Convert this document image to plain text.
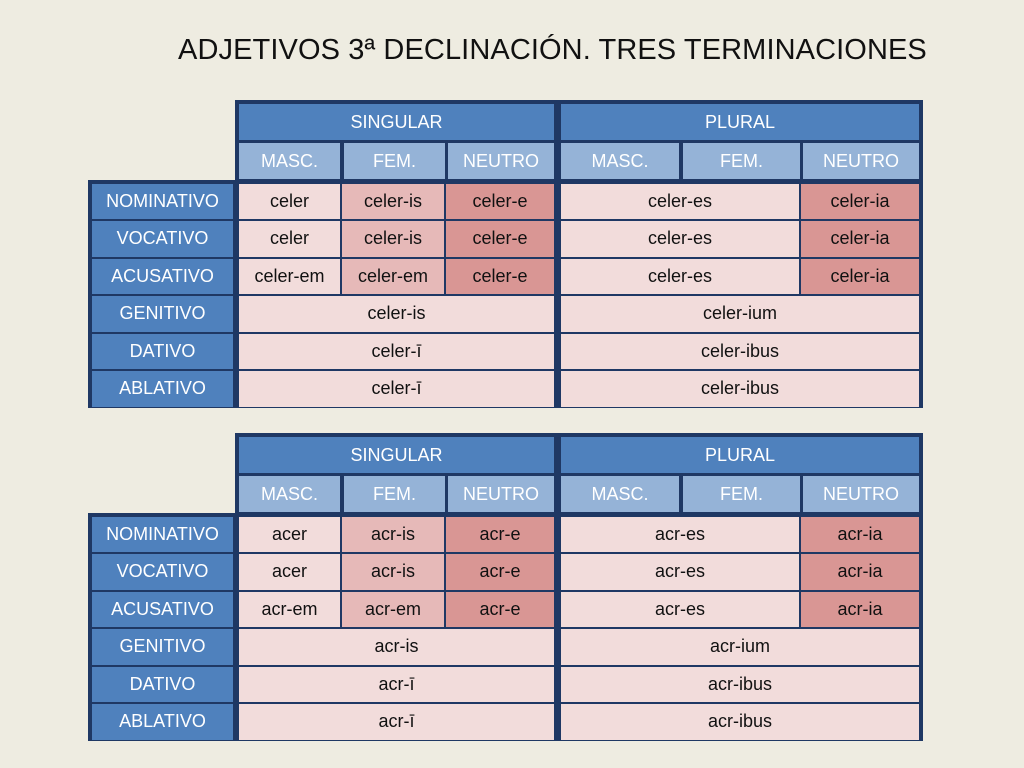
ADJETIVOS 3ª DECLINACIÓN. TRES TERMINACIONES
SINGULAR	PLURAL
MASC.	FEM.	NEUTRO	MASC.	FEM.	NEUTRO
NOMINATIVO	celer	celer-is	celer-e	celer-es	celer-ia
VOCATIVO	celer	celer-is	celer-e	celer-es	celer-ia
ACUSATIVO	celer-em	celer-em	celer-e	celer-es	celer-ia
GENITIVO	celer-is	celer-ium
DATIVO	celer-ī	celer-ibus
ABLATIVO	celer-ī	celer-ibus
SINGULAR	PLURAL
MASC.	FEM.	NEUTRO	MASC.	FEM.	NEUTRO
NOMINATIVO	acer	acr-is	acr-e	acr-es	acr-ia
VOCATIVO	acer	acr-is	acr-e	acr-es	acr-ia
ACUSATIVO	acr-em	acr-em	acr-e	acr-es	acr-ia
GENITIVO	acr-is	acr-ium
DATIVO	acr-ī	acr-ibus
ABLATIVO	acr-ī	acr-ibus
